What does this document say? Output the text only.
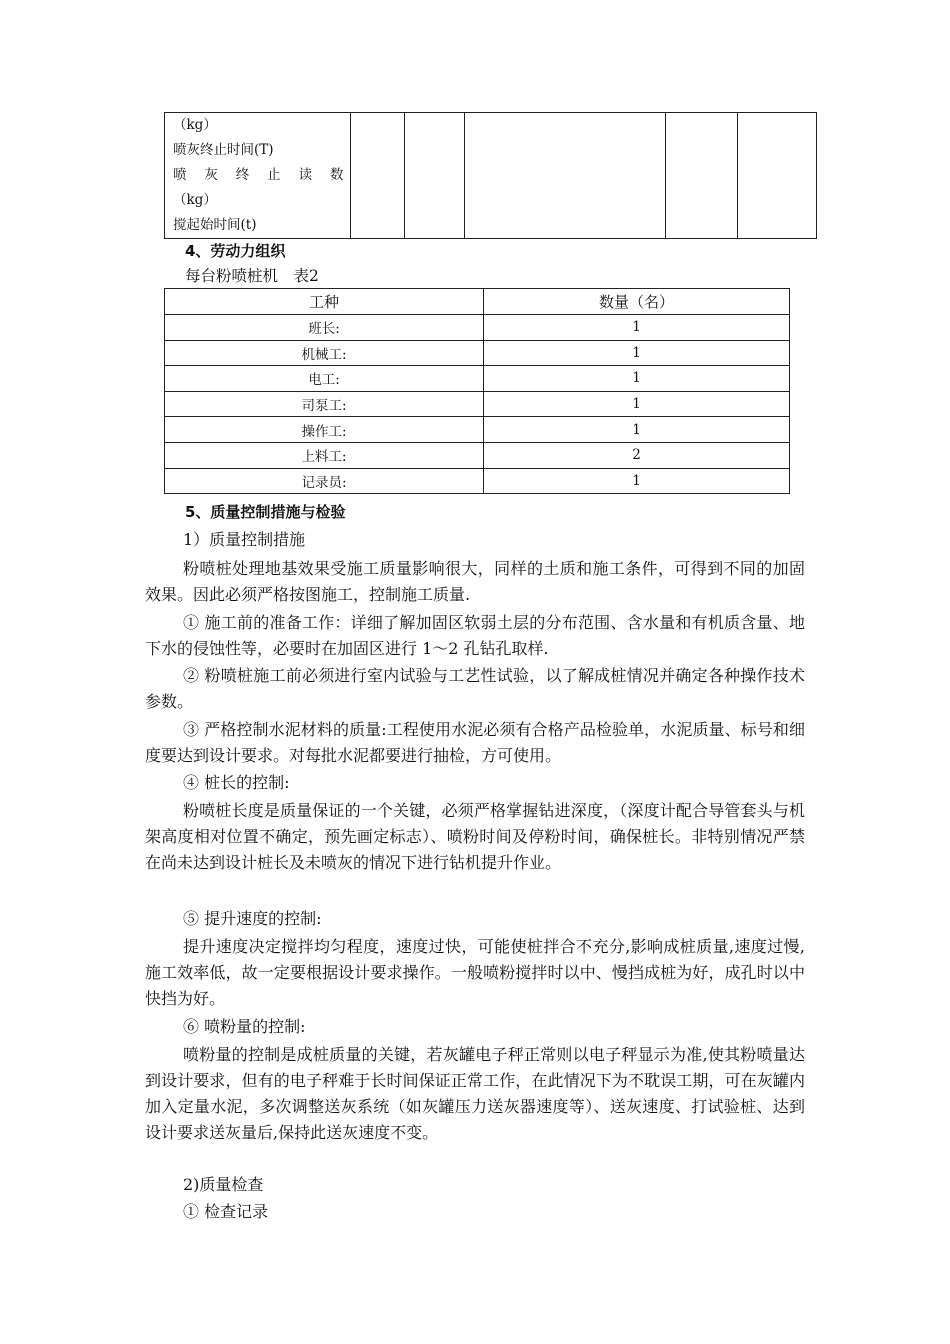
（kg）
喷灰终止时间(T)
喷 灰 终 止 读 数
（kg）
搅起始时间(t)

4、劳动力组织
每台粉喷桩机　表2
工种	数量（名）
班长:	1
机械工:	1
电工:	1
司泵工:	1
操作工:	1
上料工:	2
记录员:	1
5、质量控制措施与检验

1）质量控制措施

粉喷桩处理地基效果受施工质量影响很大，同样的土质和施工条件，可得到不同的加固效果。因此必须严格按图施工，控制施工质量.

① 施工前的准备工作：详细了解加固区软弱土层的分布范围、含水量和有机质含量、地下水的侵蚀性等，必要时在加固区进行 1～2 孔钻孔取样.

② 粉喷桩施工前必须进行室内试验与工艺性试验，以了解成桩情况并确定各种操作技术参数。

③ 严格控制水泥材料的质量:工程使用水泥必须有合格产品检验单，水泥质量、标号和细度要达到设计要求。对每批水泥都要进行抽检，方可使用。

④ 桩长的控制:

粉喷桩长度是质量保证的一个关键，必须严格掌握钻进深度，（深度计配合导管套头与机架高度相对位置不确定，预先画定标志）、喷粉时间及停粉时间，确保桩长。非特别情况严禁在尚未达到设计桩长及未喷灰的情况下进行钻机提升作业。

⑤ 提升速度的控制:

提升速度决定搅拌均匀程度，速度过快，可能使桩拌合不充分,影响成桩质量,速度过慢,施工效率低，故一定要根据设计要求操作。一般喷粉搅拌时以中、慢挡成桩为好，成孔时以中快挡为好。

⑥ 喷粉量的控制:

喷粉量的控制是成桩质量的关键，若灰罐电子秤正常则以电子秤显示为准,使其粉喷量达到设计要求，但有的电子秤难于长时间保证正常工作，在此情况下为不耽误工期，可在灰罐内加入定量水泥，多次调整送灰系统（如灰罐压力送灰器速度等）、送灰速度、打试验桩、达到设计要求送灰量后,保持此送灰速度不变。

2)质量检查

① 检查记录
